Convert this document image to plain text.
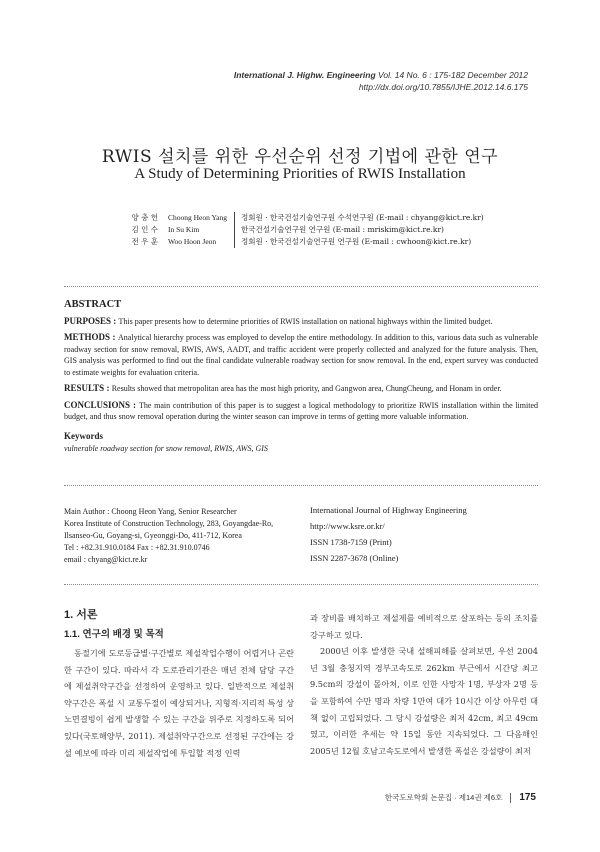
International J. Highw. Engineering Vol. 14 No. 6 : 175-182 December 2012
http://dx.doi.org/10.7855/IJHE.2012.14.6.175
RWIS 설치를 위한 우선순위 선정 기법에 관한 연구
A Study of Determining Priorities of RWIS Installation
양 충 헌	Choong Heon Yang 정회원 · 한국건설기술연구원 수석연구원 (E-mail : chyang@kict.re.kr)
김 인 수	In Su Kim	한국건설기술연구원 연구원 (E-mail : mriskim@kict.re.kr)
전 우 훈	Woo Hoon Jeon	정회원 · 한국건설기술연구원 연구원 (E-mail : cwhoon@kict.re.kr)
ABSTRACT

PURPOSES : This paper presents how to determine priorities of RWIS installation on national highways within the limited budget.

METHODS : Analytical hierarchy process was employed to develop the entire methodology. In addition to this, various data such as vulnerable roadway section for snow removal, RWIS, AWS, AADT, and traffic accident were properly collected and analyzed for the future analysis. Then, GIS analysis was performed to find out the final candidate vulnerable roadway section for snow removal. In the end, expert survey was conducted to estimate weights for evaluation criteria.

RESULTS : Results showed that metropolitan area has the most high priority, and Gangwon area, ChungCheung, and Honam in order.

CONCLUSIONS : The main contribution of this paper is to suggest a logical methodology to prioritize RWIS installation within the limited budget, and thus snow removal operation during the winter season can improve in terms of getting more valuable information.

Keywords
vulnerable roadway section for snow removal, RWIS, AWS, GIS
Main Author : Choong Heon Yang, Senior Researcher
Korea Institute of Construction Technology, 283, Goyangdae-Ro,
Ilsanseo-Gu, Goyang-si, Gyeonggi-Do, 411-712, Korea
Tel : +82.31.910.0184 Fax : +82.31.910.0746
email : chyang@kict.re.kr
International Journal of Highway Engineering
http://www.ksre.or.kr/
ISSN 1738-7159 (Print)
ISSN 2287-3678 (Online)
1. 서론
1.1. 연구의 배경 및 목적

동절기에 도로등급별·구간별로 제설작업수행이 어렵거나 곤란한 구간이 있다. 따라서 각 도로관리기관은 매년 전체 담당 구간에 제설취약구간을 선정하여 운영하고 있다. 일반적으로 제설취약구간은 폭설 시 교통두절이 예상되거나, 지형적·지리적 특성 상 노면결빙이 쉽게 발생할 수 있는 구간을 위주로 지정하도록 되어 있다(국토해양부, 2011). 제설취약구간으로 선정된 구간에는 강설 예보에 따라 미리 제설작업에 투입할 적정 인력

과 장비를 배치하고 제설제를 예비적으로 살포하는 등의 조치를 강구하고 있다.

2000년 이후 발생한 국내 설해피해를 살펴보면, 우선 2004년 3월 충청지역 경부고속도로 262km 부근에서 시간당 최고 9.5cm의 강설이 몰아쳐, 이로 인한 사망자 1명, 부상자 2명 등을 포함하여 수만 명과 차량 1만여 대가 10시간 이상 아무런 대책 없이 고립되었다. 그 당시 강설량은 최저 42cm, 최고 49cm였고, 이러한 추세는 약 15일 동안 지속되었다. 그 다음해인 2005년 12월 호남고속도로에서 발생한 폭설은 강설량이 최저

한국도로학회 논문집 · 제14권 제6호 175
